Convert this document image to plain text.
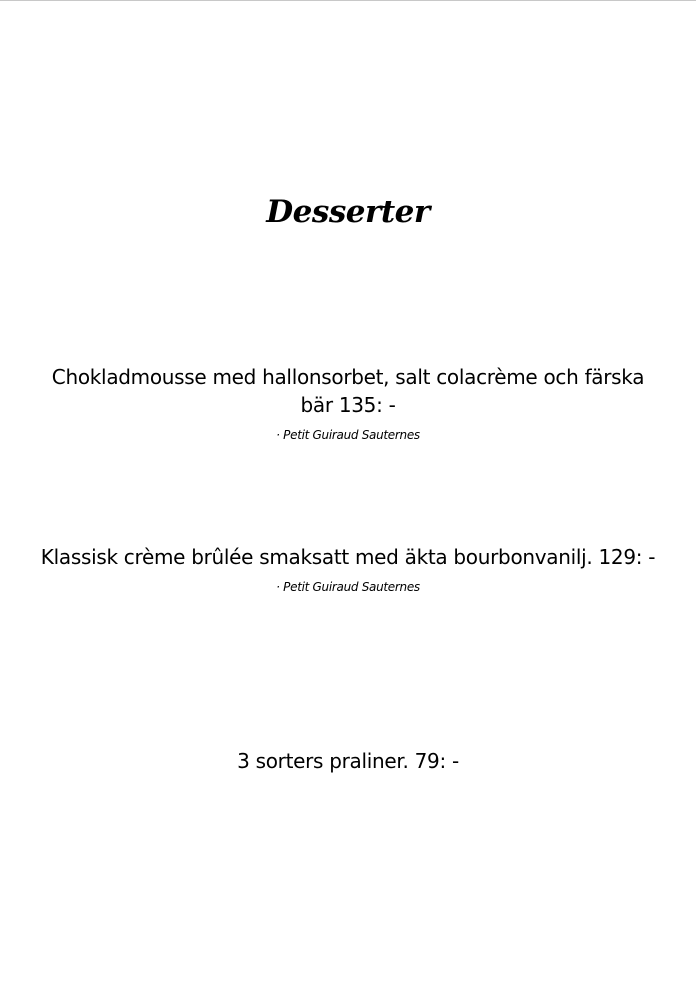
Desserter

Chokladmousse med hallonsorbet, salt colacrème och färska bär 135: -

· Petit Guiraud Sauternes

Klassisk crème brûlée smaksatt med äkta bourbonvanilj. 129: -

· Petit Guiraud Sauternes

3 sorters praliner. 79: -
